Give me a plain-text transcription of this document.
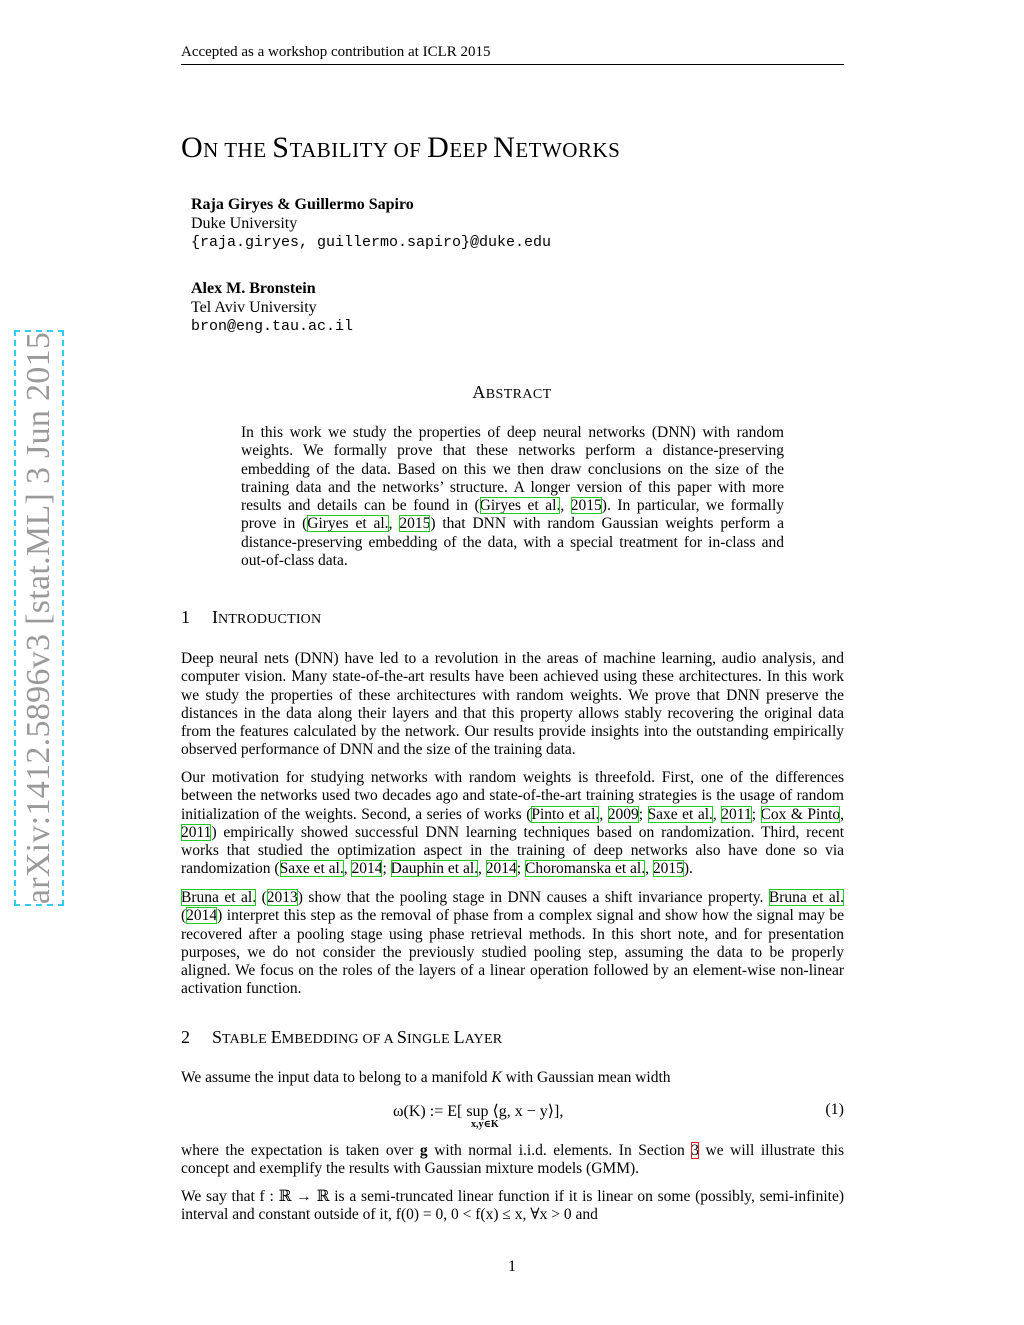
Accepted as a workshop contribution at ICLR 2015
arXiv:1412.5896v3 [stat.ML] 3 Jun 2015
ON THE STABILITY OF DEEP NETWORKS
Raja Giryes & Guillermo Sapiro
Duke University
{raja.giryes, guillermo.sapiro}@duke.edu
Alex M. Bronstein
Tel Aviv University
bron@eng.tau.ac.il
ABSTRACT
In this work we study the properties of deep neural networks (DNN) with random weights. We formally prove that these networks perform a distance-preserving embedding of the data. Based on this we then draw conclusions on the size of the training data and the networks’ structure. A longer version of this paper with more results and details can be found in (Giryes et al., 2015). In particular, we formally prove in (Giryes et al., 2015) that DNN with random Gaussian weights perform a distance-preserving embedding of the data, with a special treatment for in-class and out-of-class data.
1 INTRODUCTION
Deep neural nets (DNN) have led to a revolution in the areas of machine learning, audio analysis, and computer vision. Many state-of-the-art results have been achieved using these architectures. In this work we study the properties of these architectures with random weights. We prove that DNN preserve the distances in the data along their layers and that this property allows stably recovering the original data from the features calculated by the network. Our results provide insights into the outstanding empirically observed performance of DNN and the size of the training data.
Our motivation for studying networks with random weights is threefold. First, one of the differences between the networks used two decades ago and state-of-the-art training strategies is the usage of random initialization of the weights. Second, a series of works (Pinto et al., 2009; Saxe et al., 2011; Cox & Pinto, 2011) empirically showed successful DNN learning techniques based on randomization. Third, recent works that studied the optimization aspect in the training of deep networks also have done so via randomization (Saxe et al., 2014; Dauphin et al., 2014; Choromanska et al., 2015).
Bruna et al. (2013) show that the pooling stage in DNN causes a shift invariance property. Bruna et al. (2014) interpret this step as the removal of phase from a complex signal and show how the signal may be recovered after a pooling stage using phase retrieval methods. In this short note, and for presentation purposes, we do not consider the previously studied pooling step, assuming the data to be properly aligned. We focus on the roles of the layers of a linear operation followed by an element-wise non-linear activation function.
2 STABLE EMBEDDING OF A SINGLE LAYER
We assume the input data to belong to a manifold K with Gaussian mean width
ω(K) := E[ sup ⟨g, x − y⟩],
x,y∈K
(1)
where the expectation is taken over g with normal i.i.d. elements. In Section 3 we will illustrate this concept and exemplify the results with Gaussian mixture models (GMM).
We say that f : ℝ → ℝ is a semi-truncated linear function if it is linear on some (possibly, semi-infinite) interval and constant outside of it, f(0) = 0, 0 < f(x) ≤ x, ∀x > 0 and
1
